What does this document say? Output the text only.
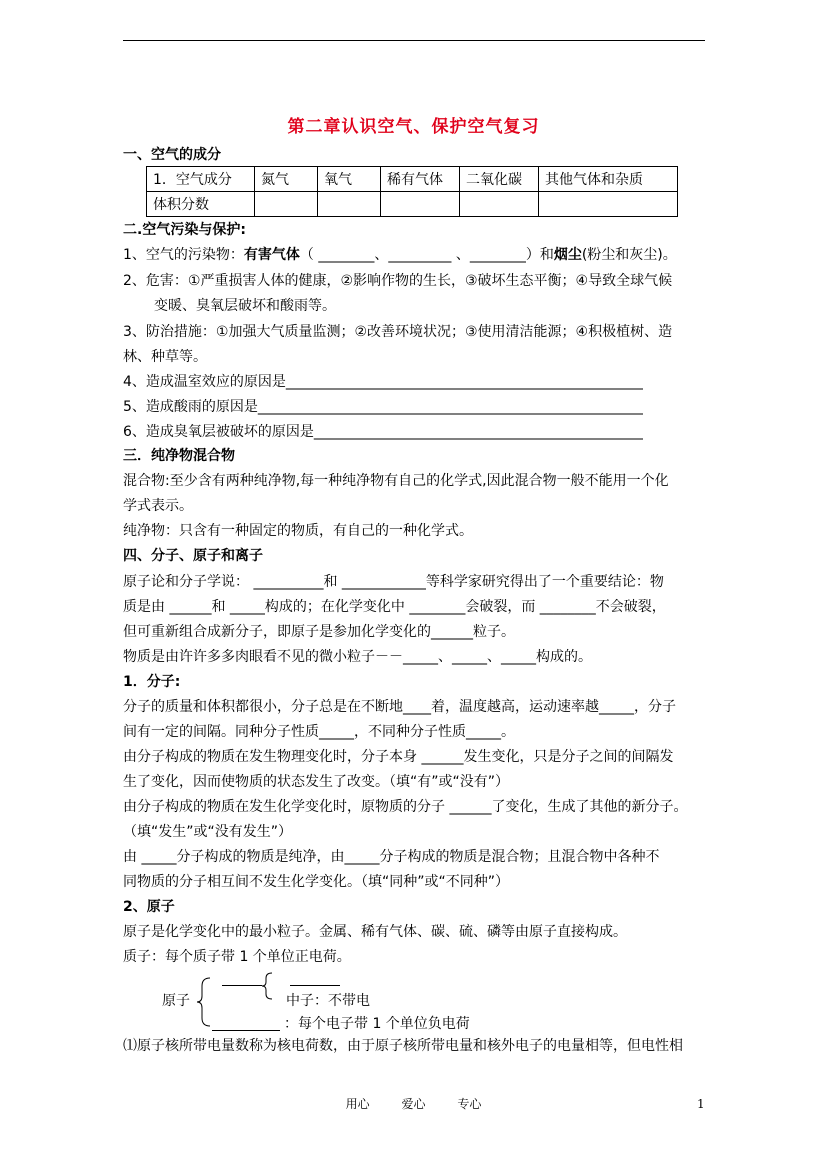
第二章认识空气、保护空气复习
一、空气的成分
1．空气成分	氮气	氧气	稀有气体	二氧化碳	其他气体和杂质
体积分数					
二.空气污染与保护:
1、空气的污染物：有害气体（ ________、_________ 、________）和烟尘(粉尘和灰尘)。
2、危害：①严重损害人体的健康，②影响作物的生长，③破坏生态平衡；④导致全球气候
变暖、臭氧层破坏和酸雨等。
3、防治措施：①加强大气质量监测；②改善环境状况；③使用清洁能源；④积极植树、造
林、种草等。
4、造成温室效应的原因是___________________________________________________
5、造成酸雨的原因是_______________________________________________________
6、造成臭氧层被破坏的原因是_______________________________________________
三．纯净物混合物
混合物:至少含有两种纯净物,每一种纯净物有自己的化学式,因此混合物一般不能用一个化
学式表示。
纯净物：只含有一种固定的物质，有自己的一种化学式。
四、分子、原子和离子
原子论和分子学说： __________和 ____________等科学家研究得出了一个重要结论：物
质是由 ______和 _____构成的；在化学变化中 ________会破裂，而 ________不会破裂，
但可重新组合成新分子，即原子是参加化学变化的______粒子。
物质是由许许多多肉眼看不见的微小粒子－－_____、_____、_____构成的。
1．分子:
分子的质量和体积都很小，分子总是在不断地____着，温度越高，运动速率越_____，分子
间有一定的间隔。同种分子性质_____，不同种分子性质_____。
由分子构成的物质在发生物理变化时，分子本身 ______发生变化，只是分子之间的间隔发
生了变化，因而使物质的状态发生了改变。（填“有”或“没有”）
由分子构成的物质在发生化学变化时，原物质的分子 ______了变化，生成了其他的新分子。
（填“发生”或“没有发生”）
由 _____分子构成的物质是纯净，由_____分子构成的物质是混合物；且混合物中各种不
同物质的分子相互间不发生化学变化。（填“同种”或“不同种”）
2、原子
原子是化学变化中的最小粒子。金属、稀有气体、碳、硫、磷等由原子直接构成。
质子：每个质子带 1 个单位正电荷。
原子	中子：不带电
：每个电子带 1 个单位负电荷
⑴原子核所带电量数称为核电荷数，由于原子核所带电量和核外电子的电量相等，但电性相
用心	爱心	专心	1
